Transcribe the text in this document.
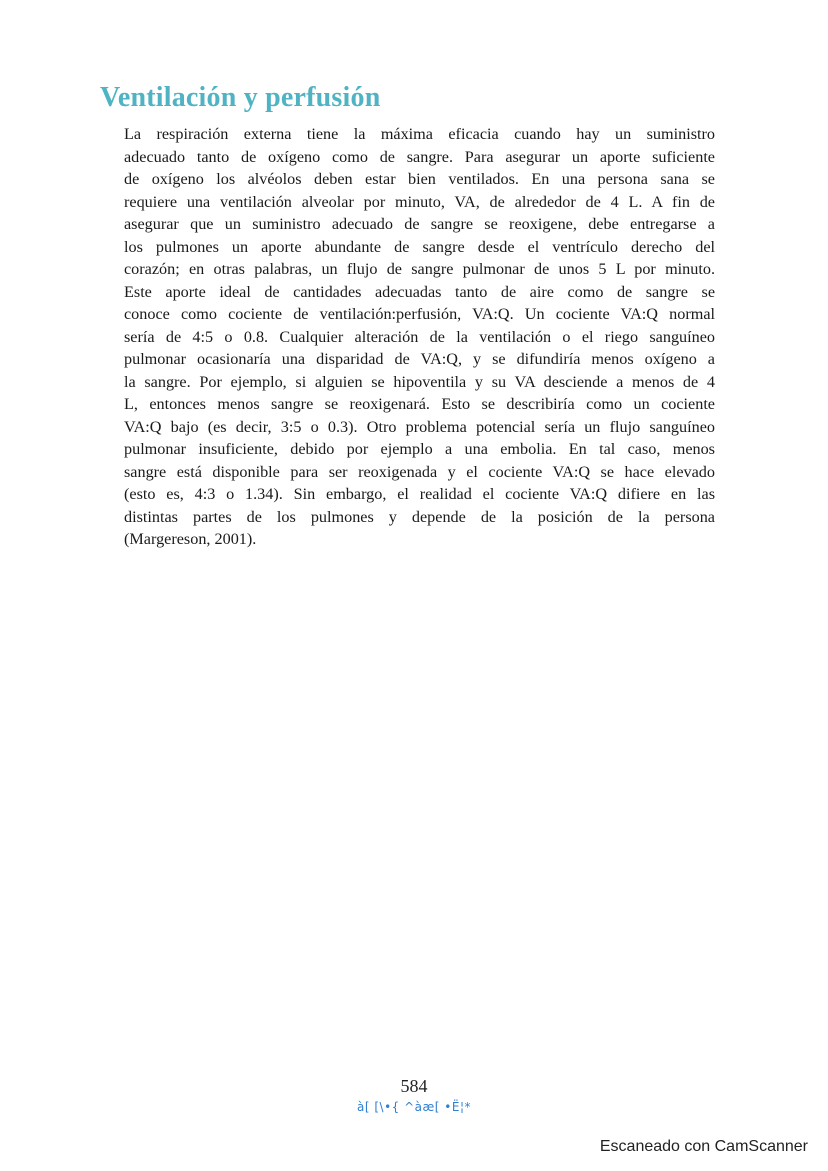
Ventilación y perfusión
La respiración externa tiene la máxima eficacia cuando hay un suministro
adecuado tanto de oxígeno como de sangre. Para asegurar un aporte suficiente
de oxígeno los alvéolos deben estar bien ventilados. En una persona sana se
requiere una ventilación alveolar por minuto, VA, de alrededor de 4 L. A fin de
asegurar que un suministro adecuado de sangre se reoxigene, debe entregarse a
los pulmones un aporte abundante de sangre desde el ventrículo derecho del
corazón; en otras palabras, un flujo de sangre pulmonar de unos 5 L por minuto.
Este aporte ideal de cantidades adecuadas tanto de aire como de sangre se
conoce como cociente de ventilación:perfusión, VA:Q. Un cociente VA:Q normal
sería de 4:5 o 0.8. Cualquier alteración de la ventilación o el riego sanguíneo
pulmonar ocasionaría una disparidad de VA:Q, y se difundiría menos oxígeno a
la sangre. Por ejemplo, si alguien se hipoventila y su VA desciende a menos de 4
L, entonces menos sangre se reoxigenará. Esto se describiría como un cociente
VA:Q bajo (es decir, 3:5 o 0.3). Otro problema potencial sería un flujo sanguíneo
pulmonar insuficiente, debido por ejemplo a una embolia. En tal caso, menos
sangre está disponible para ser reoxigenada y el cociente VA:Q se hace elevado
(esto es, 4:3 o 1.34). Sin embargo, el realidad el cociente VA:Q difiere en las
distintas partes de los pulmones y depende de la posición de la persona
(Margereson, 2001).
584
à[ [\•{ ^àæ[ •Ë¦*
Escaneado con CamScanner
